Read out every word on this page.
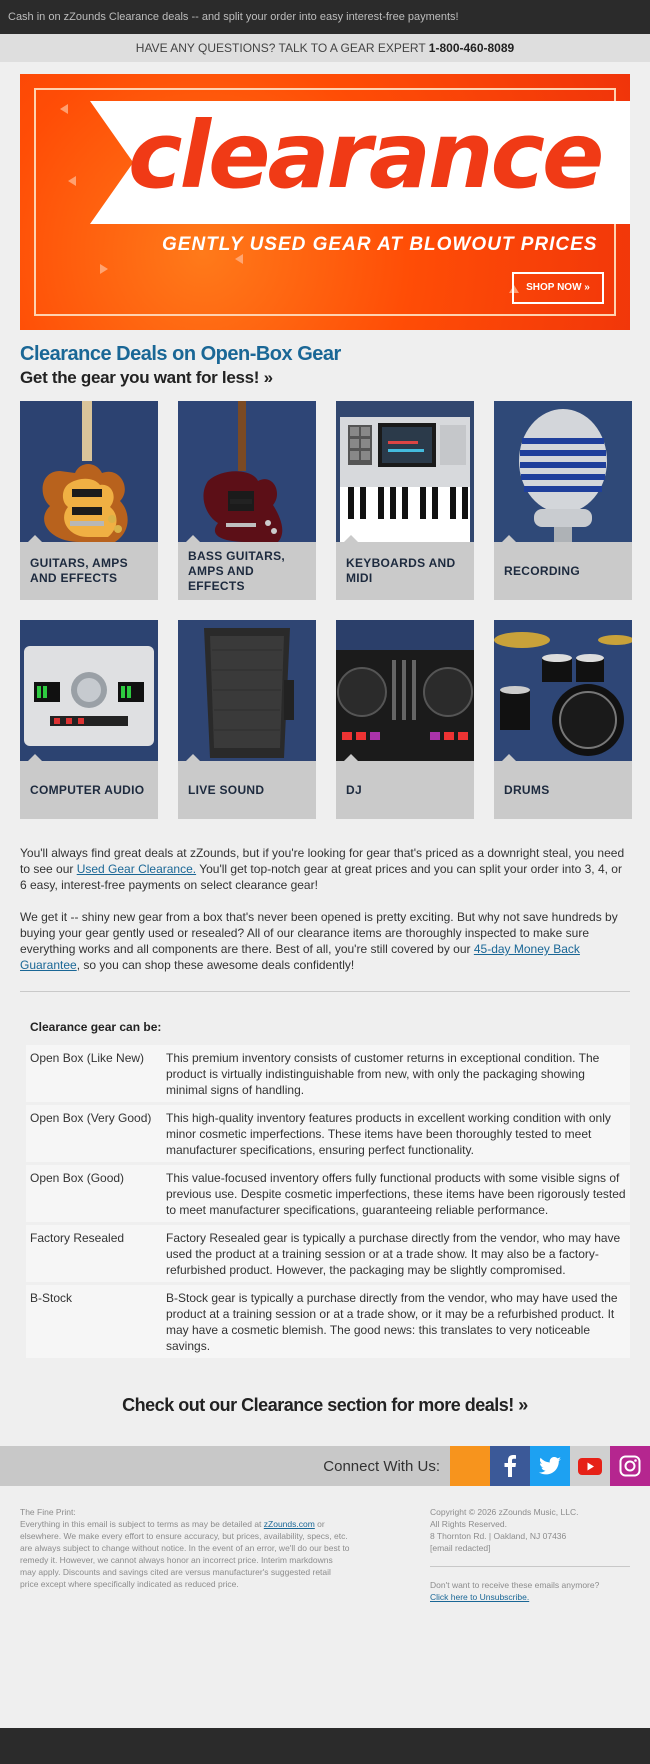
Cash in on zZounds Clearance deals -- and split your order into easy interest-free payments!
HAVE ANY QUESTIONS? TALK TO A GEAR EXPERT 1-800-460-8089
clearance
GENTLY USED GEAR AT BLOWOUT PRICES
SHOP NOW »
Clearance Deals on Open-Box Gear
Get the gear you want for less! »
GUITARS, AMPS AND EFFECTS
BASS GUITARS, AMPS AND EFFECTS
KEYBOARDS AND MIDI
RECORDING
COMPUTER AUDIO	LIVE SOUND	DJ	DRUMS

You'll always find great deals at zZounds, but if you're looking for gear that's priced as a downright steal, you need to see our Used Gear Clearance. You'll get top-notch gear at great prices and you can split your order into 3, 4, or 6 easy, interest-free payments on select clearance gear!

We get it -- shiny new gear from a box that's never been opened is pretty exciting. But why not save hundreds by buying your gear gently used or resealed? All of our clearance items are thoroughly inspected to make sure everything works and all components are there. Best of all, you're still covered by our 45-day Money Back Guarantee, so you can shop these awesome deals confidently!

Clearance gear can be:
Open Box (Like New)	This premium inventory consists of customer returns in exceptional condition. The product is virtually indistinguishable from new, with only the packaging showing minimal signs of handling.
Open Box (Very Good)	This high-quality inventory features products in excellent working condition with only minor cosmetic imperfections. These items have been thoroughly tested to meet manufacturer specifications, ensuring perfect functionality.
Open Box (Good)	This value-focused inventory offers fully functional products with some visible signs of previous use. Despite cosmetic imperfections, these items have been rigorously tested to meet manufacturer specifications, guaranteeing reliable performance.
Factory Resealed	Factory Resealed gear is typically a purchase directly from the vendor, who may have used the product at a training session or at a trade show. It may also be a factory-refurbished product. However, the packaging may be slightly compromised.
B-Stock	B-Stock gear is typically a purchase directly from the vendor, who may have used the product at a training session or at a trade show, or it may be a refurbished product. It may have a cosmetic blemish. The good news: this translates to very noticeable savings.
Check out our Clearance section for more deals! »
Connect With Us:
The Fine Print:
Everything in this email is subject to terms as may be detailed at zZounds.com or elsewhere. We make every effort to ensure accuracy, but prices, availability, specs, etc. are always subject to change without notice. In the event of an error, we'll do our best to remedy it. However, we cannot always honor an incorrect price. Interim markdowns may apply. Discounts and savings cited are versus manufacturer's suggested retail price except where specifically indicated as reduced price.
Copyright © 2026 zZounds Music, LLC.
All Rights Reserved.
8 Thornton Rd. | Oakland, NJ 07436
[email redacted]
Don't want to receive these emails anymore?
Click here to Unsubscribe.
